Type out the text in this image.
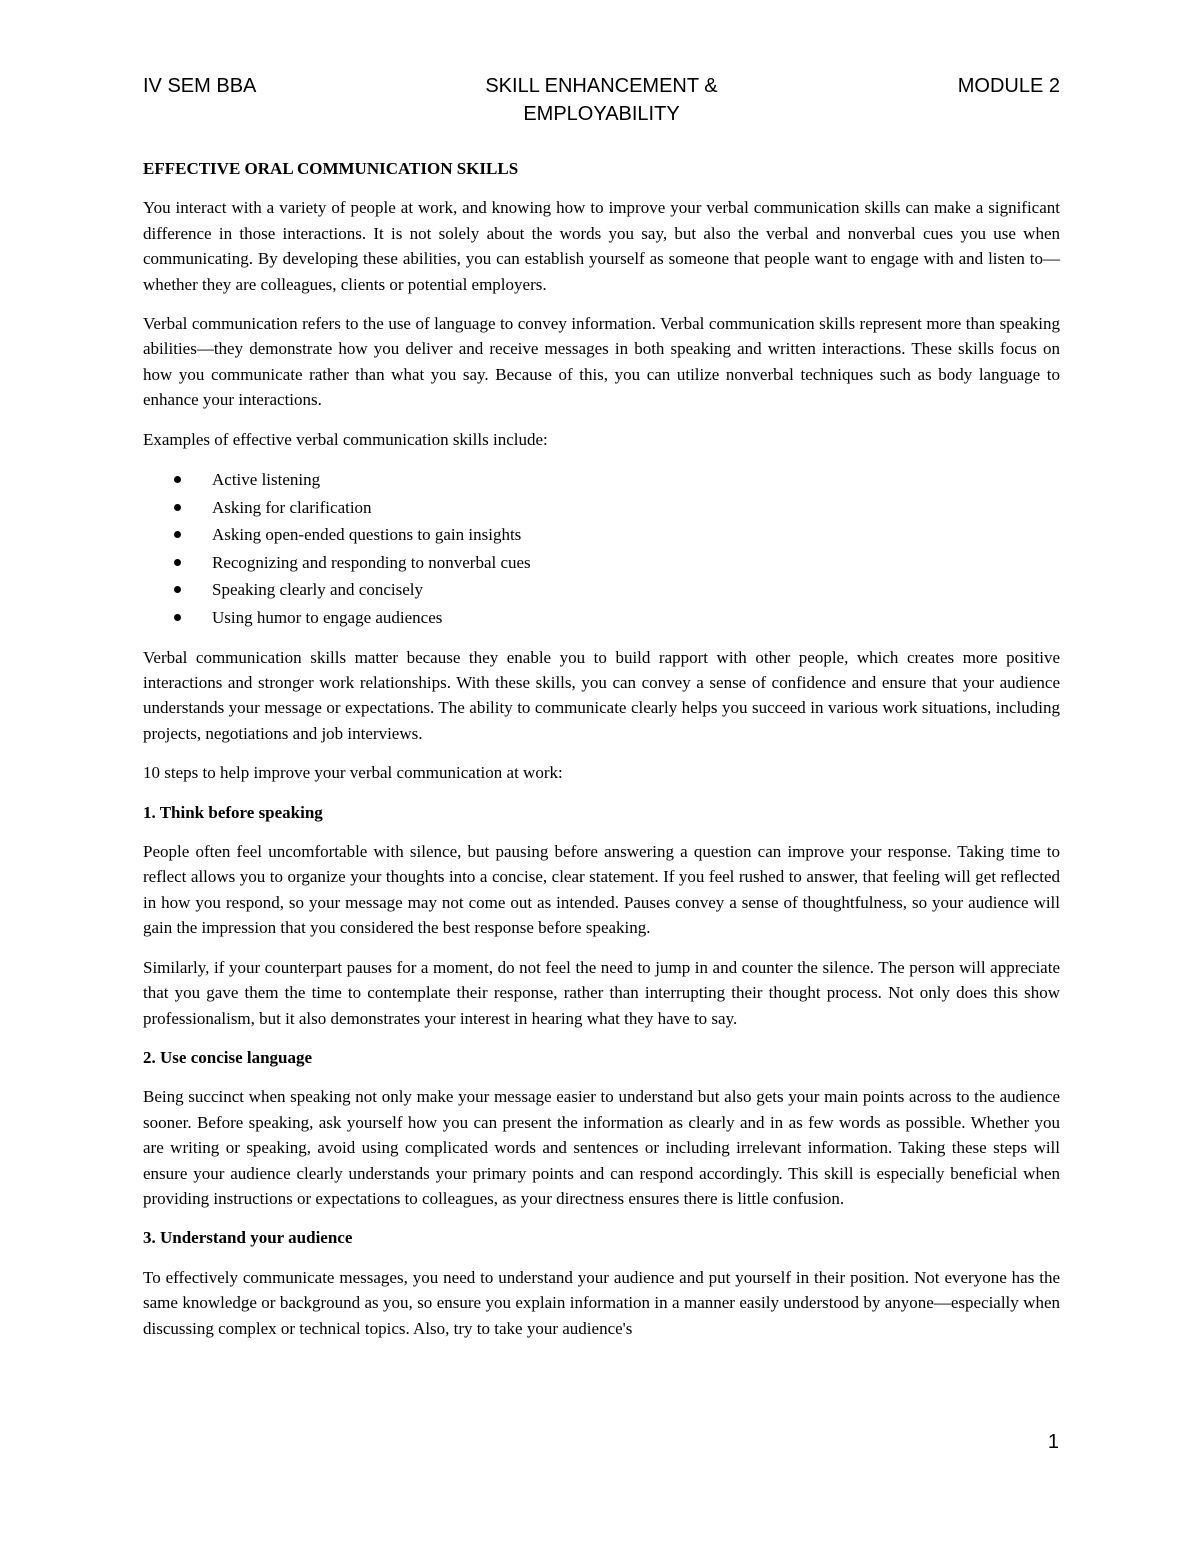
IV SEM BBA	SKILL ENHANCEMENT &
EMPLOYABILITY
MODULE 2
EFFECTIVE ORAL COMMUNICATION SKILLS

You interact with a variety of people at work, and knowing how to improve your verbal communication skills can make a significant difference in those interactions. It is not solely about the words you say, but also the verbal and nonverbal cues you use when communicating. By developing these abilities, you can establish yourself as someone that people want to engage with and listen to—whether they are colleagues, clients or potential employers.

Verbal communication refers to the use of language to convey information. Verbal communication skills represent more than speaking abilities—they demonstrate how you deliver and receive messages in both speaking and written interactions. These skills focus on how you communicate rather than what you say. Because of this, you can utilize nonverbal techniques such as body language to enhance your interactions.

Examples of effective verbal communication skills include:

Active listening
Asking for clarification
Asking open-ended questions to gain insights
Recognizing and responding to nonverbal cues
Speaking clearly and concisely
Using humor to engage audiences

Verbal communication skills matter because they enable you to build rapport with other people, which creates more positive interactions and stronger work relationships. With these skills, you can convey a sense of confidence and ensure that your audience understands your message or expectations. The ability to communicate clearly helps you succeed in various work situations, including projects, negotiations and job interviews.

10 steps to help improve your verbal communication at work:

1. Think before speaking

People often feel uncomfortable with silence, but pausing before answering a question can improve your response. Taking time to reflect allows you to organize your thoughts into a concise, clear statement. If you feel rushed to answer, that feeling will get reflected in how you respond, so your message may not come out as intended. Pauses convey a sense of thoughtfulness, so your audience will gain the impression that you considered the best response before speaking.

Similarly, if your counterpart pauses for a moment, do not feel the need to jump in and counter the silence. The person will appreciate that you gave them the time to contemplate their response, rather than interrupting their thought process. Not only does this show professionalism, but it also demonstrates your interest in hearing what they have to say.

2. Use concise language

Being succinct when speaking not only make your message easier to understand but also gets your main points across to the audience sooner. Before speaking, ask yourself how you can present the information as clearly and in as few words as possible. Whether you are writing or speaking, avoid using complicated words and sentences or including irrelevant information. Taking these steps will ensure your audience clearly understands your primary points and can respond accordingly. This skill is especially beneficial when providing instructions or expectations to colleagues, as your directness ensures there is little confusion.

3. Understand your audience

To effectively communicate messages, you need to understand your audience and put yourself in their position. Not everyone has the same knowledge or background as you, so ensure you explain information in a manner easily understood by anyone—especially when discussing complex or technical topics. Also, try to take your audience's

1
